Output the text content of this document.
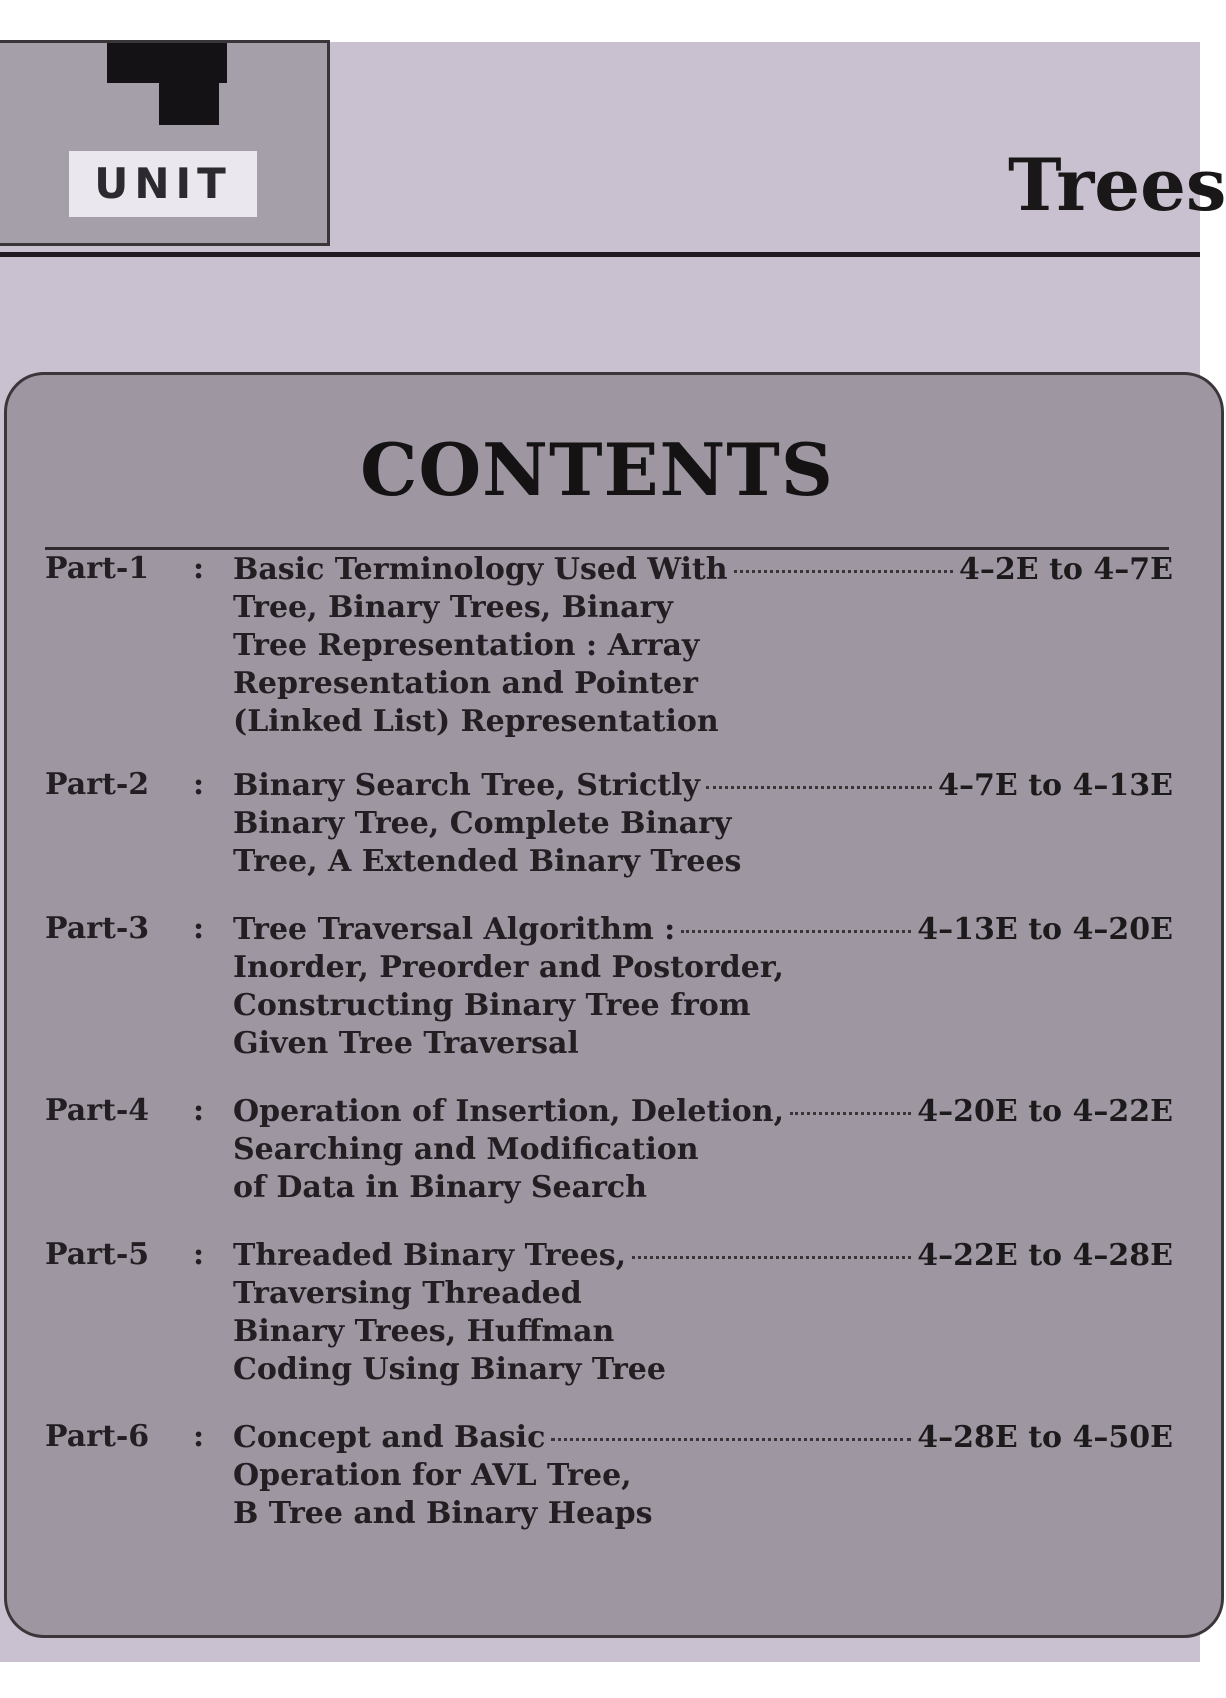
UNIT	Trees
CONTENTS
Part-1 : Basic Terminology Used With	4–2E to 4–7E
Tree, Binary Trees, Binary
Tree Representation : Array
Representation and Pointer
(Linked List) Representation
Part-2 : Binary Search Tree, Strictly	4–7E to 4–13E
Binary Tree, Complete Binary
Tree, A Extended Binary Trees
Part-3 : Tree Traversal Algorithm :	4–13E to 4–20E
Inorder, Preorder and Postorder,
Constructing Binary Tree from
Given Tree Traversal
Part-4 : Operation of Insertion, Deletion,	4–20E to 4–22E
Searching and Modification
of Data in Binary Search
Part-5 : Threaded Binary Trees,	4–22E to 4–28E
Traversing Threaded
Binary Trees, Huffman
Coding Using Binary Tree
Part-6 : Concept and Basic	4–28E to 4–50E
Operation for AVL Tree,
B Tree and Binary Heaps
